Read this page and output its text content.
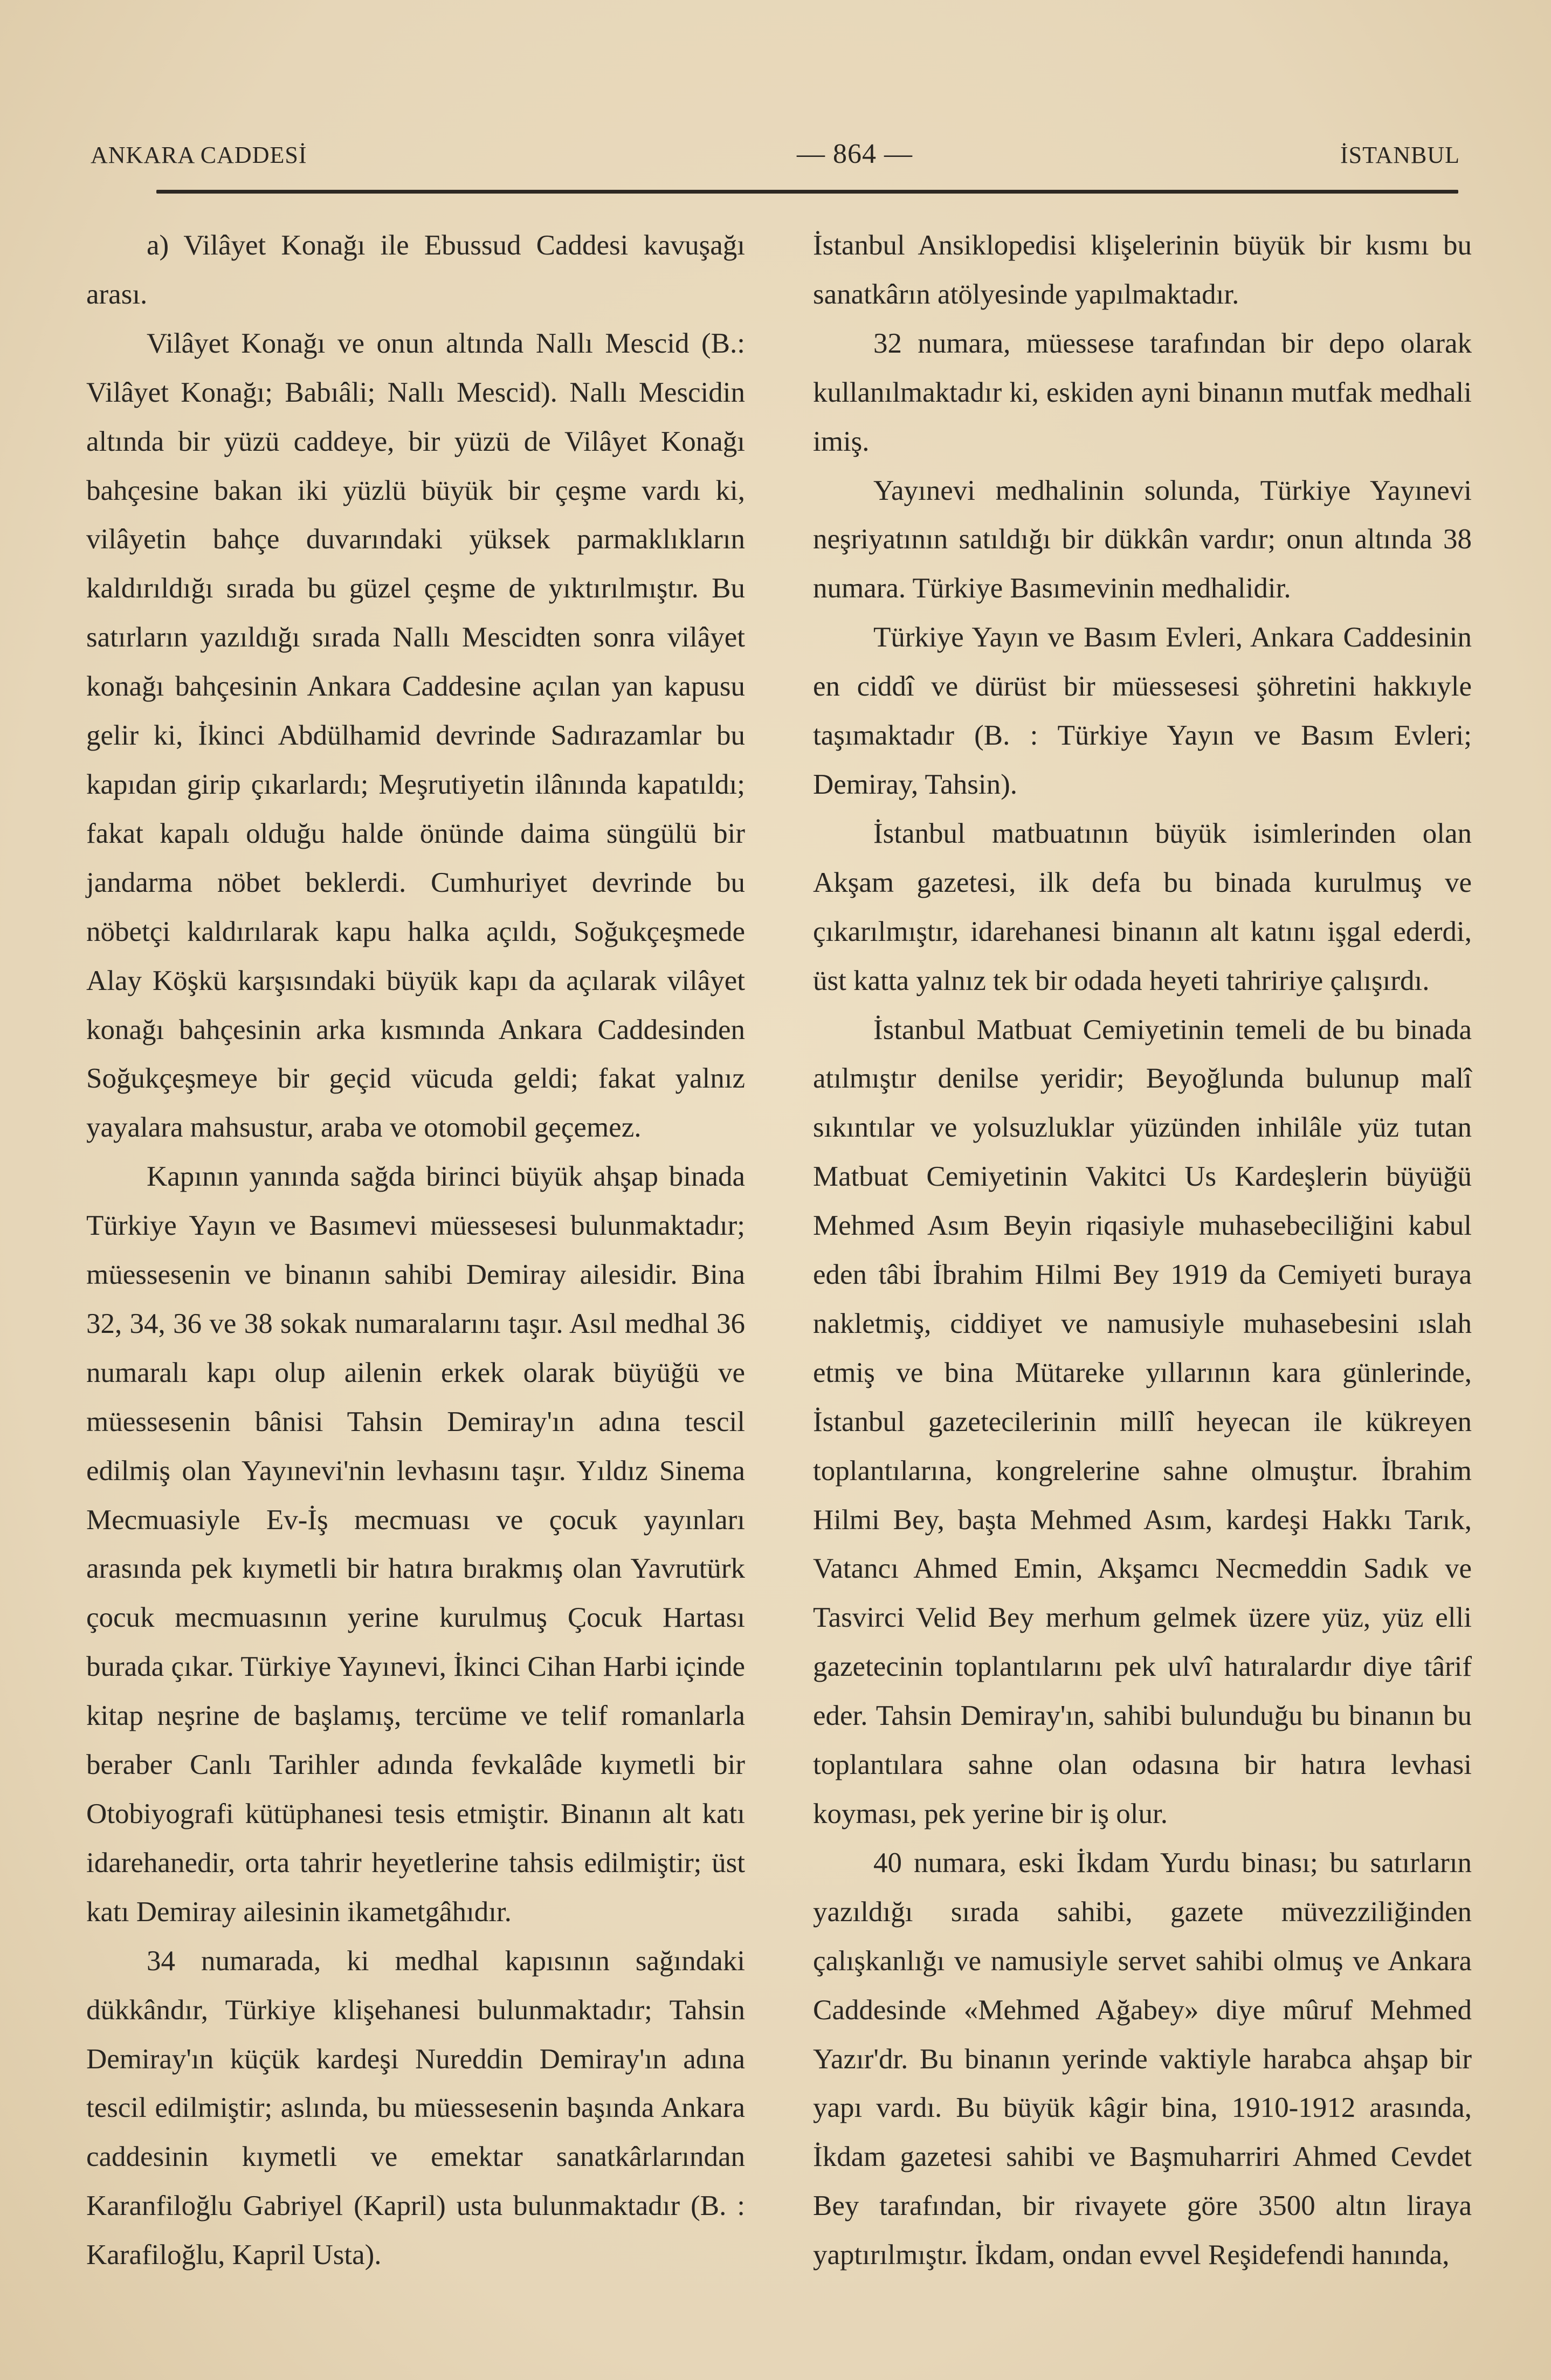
ANKARA CADDESİ	— 864 —	İSTANBUL

a) Vilâyet Konağı ile Ebussud Caddesi kavuşağı arası.

Vilâyet Konağı ve onun altında Nallı Mescid (B.: Vilâyet Konağı; Babıâli; Nallı Mescid). Nallı Mescidin altında bir yüzü caddeye, bir yüzü de Vilâyet Konağı bahçesine bakan iki yüzlü büyük bir çeşme vardı ki, vilâyetin bahçe duvarındaki yüksek parmaklıkların kaldırıldığı sırada bu güzel çeşme de yıktırılmıştır. Bu satırların yazıldığı sırada Nallı Mescidten sonra vilâyet konağı bahçesinin Ankara Caddesine açılan yan kapusu gelir ki, İkinci Abdülhamid devrinde Sadırazamlar bu kapıdan girip çıkarlardı; Meşrutiyetin ilânında kapatıldı; fakat kapalı olduğu halde önünde daima süngülü bir jandarma nöbet beklerdi. Cumhuriyet devrinde bu nöbetçi kaldırılarak kapu halka açıldı, Soğukçeşmede Alay Köşkü karşısındaki büyük kapı da açılarak vilâyet konağı bahçesinin arka kısmında Ankara Caddesinden Soğukçeşmeye bir geçid vücuda geldi; fakat yalnız yayalara mahsustur, araba ve otomobil geçemez.

Kapının yanında sağda birinci büyük ahşap binada Türkiye Yayın ve Basımevi müessesesi bulunmaktadır; müessesenin ve binanın sahibi Demiray ailesidir. Bina 32, 34, 36 ve 38 sokak numaralarını taşır. Asıl medhal 36 numaralı kapı olup ailenin erkek olarak büyüğü ve müessesenin bânisi Tahsin Demiray'ın adına tescil edilmiş olan Yayınevi'nin levhasını taşır. Yıldız Sinema Mecmuasiyle Ev-İş mecmuası ve çocuk yayınları arasında pek kıymetli bir hatıra bırakmış olan Yavrutürk çocuk mecmuasının yerine kurulmuş Çocuk Hartası burada çıkar. Türkiye Yayınevi, İkinci Cihan Harbi içinde kitap neşrine de başlamış, tercüme ve telif romanlarla beraber Canlı Tarihler adında fevkalâde kıymetli bir Otobiyografi kütüphanesi tesis etmiştir. Binanın alt katı idarehanedir, orta tahrir heyetlerine tahsis edilmiştir; üst katı Demiray ailesinin ikametgâhıdır.

34 numarada, ki medhal kapısının sağındaki dükkândır, Türkiye klişehanesi bulunmaktadır; Tahsin Demiray'ın küçük kardeşi Nureddin Demiray'ın adına tescil edilmiştir; aslında, bu müessesenin başında Ankara caddesinin kıymetli ve emektar sanatkârlarından Karanfiloğlu Gabriyel (Kapril) usta bulunmaktadır (B. : Karafiloğlu, Kapril Usta).

İstanbul Ansiklopedisi klişelerinin büyük bir kısmı bu sanatkârın atölyesinde yapılmaktadır.

32 numara, müessese tarafından bir depo olarak kullanılmaktadır ki, eskiden ayni binanın mutfak medhali imiş.

Yayınevi medhalinin solunda, Türkiye Yayınevi neşriyatının satıldığı bir dükkân vardır; onun altında 38 numara. Türkiye Basımevinin medhalidir.

Türkiye Yayın ve Basım Evleri, Ankara Caddesinin en ciddî ve dürüst bir müessesesi şöhretini hakkıyle taşımaktadır (B. : Türkiye Yayın ve Basım Evleri; Demiray, Tahsin).

İstanbul matbuatının büyük isimlerinden olan Akşam gazetesi, ilk defa bu binada kurulmuş ve çıkarılmıştır, idarehanesi binanın alt katını işgal ederdi, üst katta yalnız tek bir odada heyeti tahririye çalışırdı.

İstanbul Matbuat Cemiyetinin temeli de bu binada atılmıştır denilse yeridir; Beyoğlunda bulunup malî sıkıntılar ve yolsuzluklar yüzünden inhilâle yüz tutan Matbuat Cemiyetinin Vakitci Us Kardeşlerin büyüğü Mehmed Asım Beyin riqasiyle muhasebeciliğini kabul eden tâbi İbrahim Hilmi Bey 1919 da Cemiyeti buraya nakletmiş, ciddiyet ve namusiyle muhasebesini ıslah etmiş ve bina Mütareke yıllarının kara günlerinde, İstanbul gazetecilerinin millî heyecan ile kükreyen toplantılarına, kongrelerine sahne olmuştur. İbrahim Hilmi Bey, başta Mehmed Asım, kardeşi Hakkı Tarık, Vatancı Ahmed Emin, Akşamcı Necmeddin Sadık ve Tasvirci Velid Bey merhum gelmek üzere yüz, yüz elli gazetecinin toplantılarını pek ulvî hatıralardır diye târif eder. Tahsin Demiray'ın, sahibi bulunduğu bu binanın bu toplantılara sahne olan odasına bir hatıra levhasi koyması, pek yerine bir iş olur.

40 numara, eski İkdam Yurdu binası; bu satırların yazıldığı sırada sahibi, gazete müvezziliğinden çalışkanlığı ve namusiyle servet sahibi olmuş ve Ankara Caddesinde «Mehmed Ağabey» diye mûruf Mehmed Yazır'dr. Bu binanın yerinde vaktiyle harabca ahşap bir yapı vardı. Bu büyük kâgir bina, 1910-1912 arasında, İkdam gazetesi sahibi ve Başmuharriri Ahmed Cevdet Bey tarafından, bir rivayete göre 3500 altın liraya yaptırılmıştır. İkdam, ondan evvel Reşidefendi hanında,
